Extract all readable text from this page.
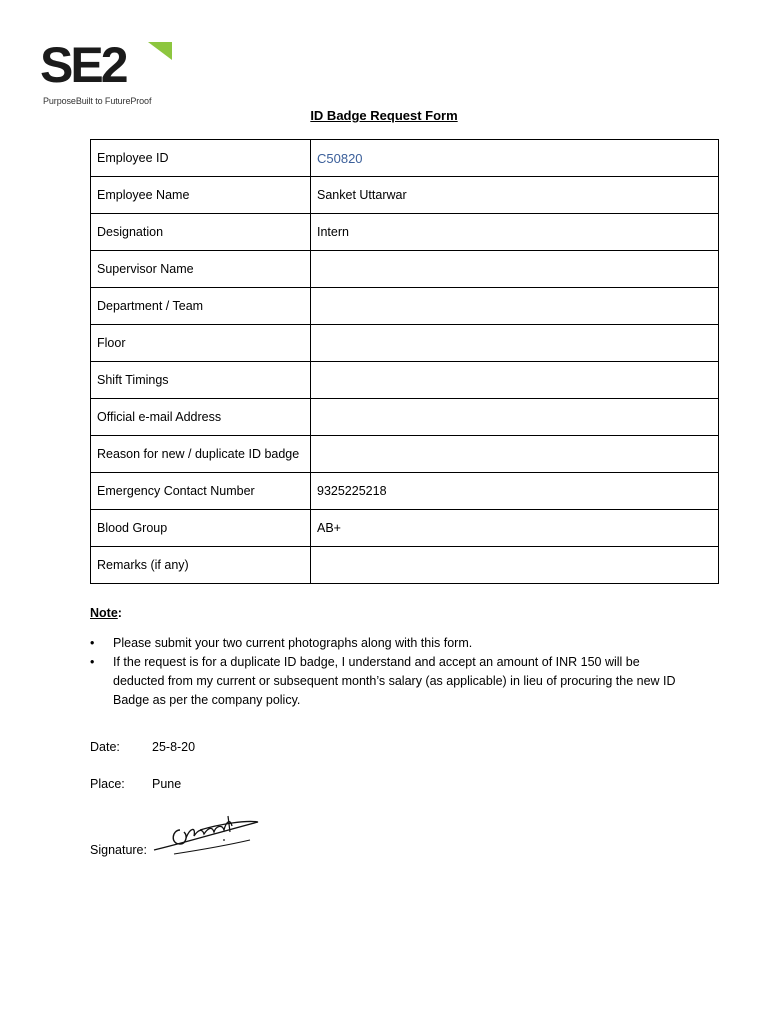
SE2
PurposeBuilt to FutureProof
ID Badge Request Form
Employee ID	C50820
Employee Name	Sanket Uttarwar
Designation	Intern
Supervisor Name	
Department / Team	
Floor	
Shift Timings	
Official e-mail Address	
Reason for new / duplicate ID badge	
Emergency Contact Number	9325225218
Blood Group	AB+
Remarks (if any)	
Note:

• Please submit your two current photographs along with this form.

• If the request is for a duplicate ID badge, I understand and accept an amount of INR 150 will be deducted from my current or subsequent month’s salary (as applicable) in lieu of procuring the new ID Badge as per the company policy.

Date:	25-8-20
Place: Pune
Signature:
